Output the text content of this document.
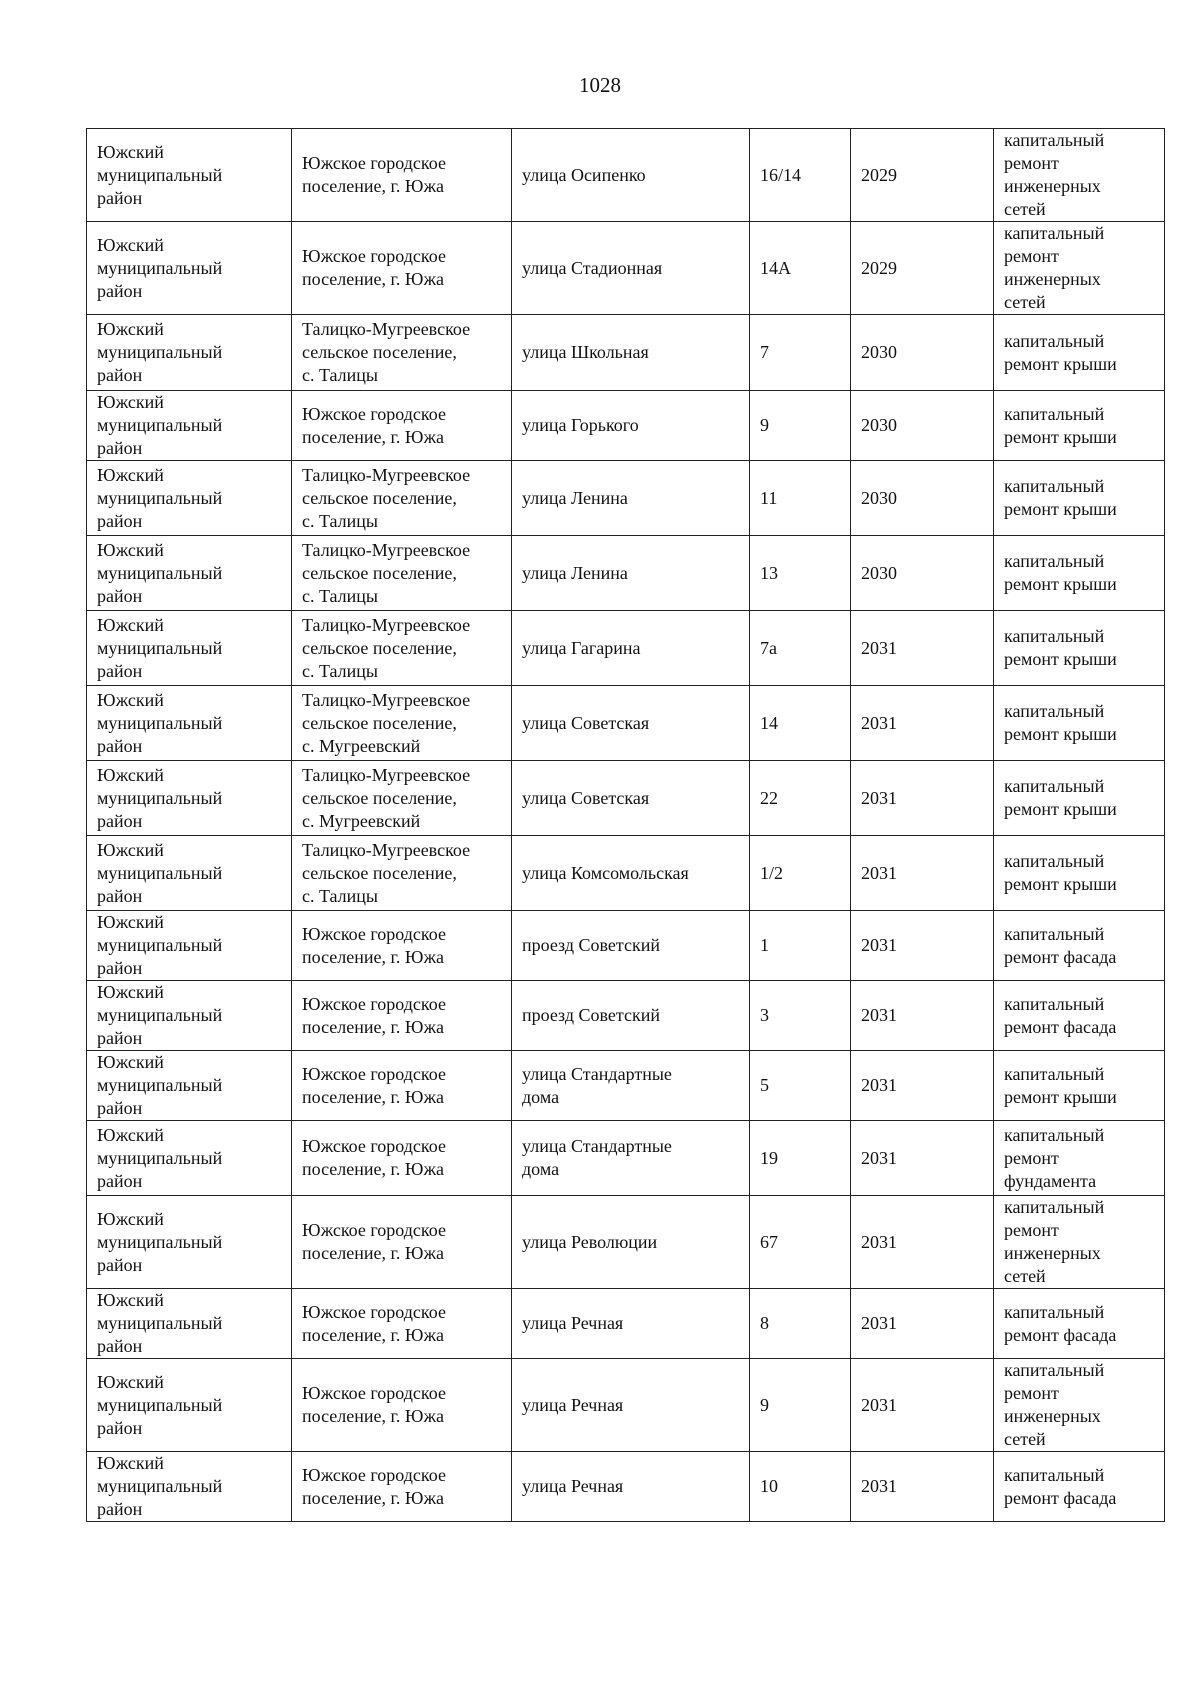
1028
Южский
муниципальный
район	Южское городское
поселение, г. Южа	улица Осипенко	16/14	2029	капитальный
ремонт
инженерных
сетей
Южский
муниципальный
район	Южское городское
поселение, г. Южа	улица Стадионная	14А	2029	капитальный
ремонт
инженерных
сетей
Южский
муниципальный
район	Талицко-Мугреевское
сельское поселение,
с. Талицы	улица Школьная	7	2030	капитальный
ремонт крыши
Южский
муниципальный
район	Южское городское
поселение, г. Южа	улица Горького	9	2030	капитальный
ремонт крыши
Южский
муниципальный
район	Талицко-Мугреевское
сельское поселение,
с. Талицы	улица Ленина	11	2030	капитальный
ремонт крыши
Южский
муниципальный
район	Талицко-Мугреевское
сельское поселение,
с. Талицы	улица Ленина	13	2030	капитальный
ремонт крыши
Южский
муниципальный
район	Талицко-Мугреевское
сельское поселение,
с. Талицы	улица Гагарина	7а	2031	капитальный
ремонт крыши
Южский
муниципальный
район	Талицко-Мугреевское
сельское поселение,
с. Мугреевский	улица Советская	14	2031	капитальный
ремонт крыши
Южский
муниципальный
район	Талицко-Мугреевское
сельское поселение,
с. Мугреевский	улица Советская	22	2031	капитальный
ремонт крыши
Южский
муниципальный
район	Талицко-Мугреевское
сельское поселение,
с. Талицы	улица Комсомольская	1/2	2031	капитальный
ремонт крыши
Южский
муниципальный
район	Южское городское
поселение, г. Южа	проезд Советский	1	2031	капитальный
ремонт фасада
Южский
муниципальный
район	Южское городское
поселение, г. Южа	проезд Советский	3	2031	капитальный
ремонт фасада
Южский
муниципальный
район	Южское городское
поселение, г. Южа	улица Стандартные
дома	5	2031	капитальный
ремонт крыши
Южский
муниципальный
район	Южское городское
поселение, г. Южа	улица Стандартные
дома	19	2031	капитальный
ремонт
фундамента
Южский
муниципальный
район	Южское городское
поселение, г. Южа	улица Революции	67	2031	капитальный
ремонт
инженерных
сетей
Южский
муниципальный
район	Южское городское
поселение, г. Южа	улица Речная	8	2031	капитальный
ремонт фасада
Южский
муниципальный
район	Южское городское
поселение, г. Южа	улица Речная	9	2031	капитальный
ремонт
инженерных
сетей
Южский
муниципальный
район	Южское городское
поселение, г. Южа	улица Речная	10	2031	капитальный
ремонт фасада
